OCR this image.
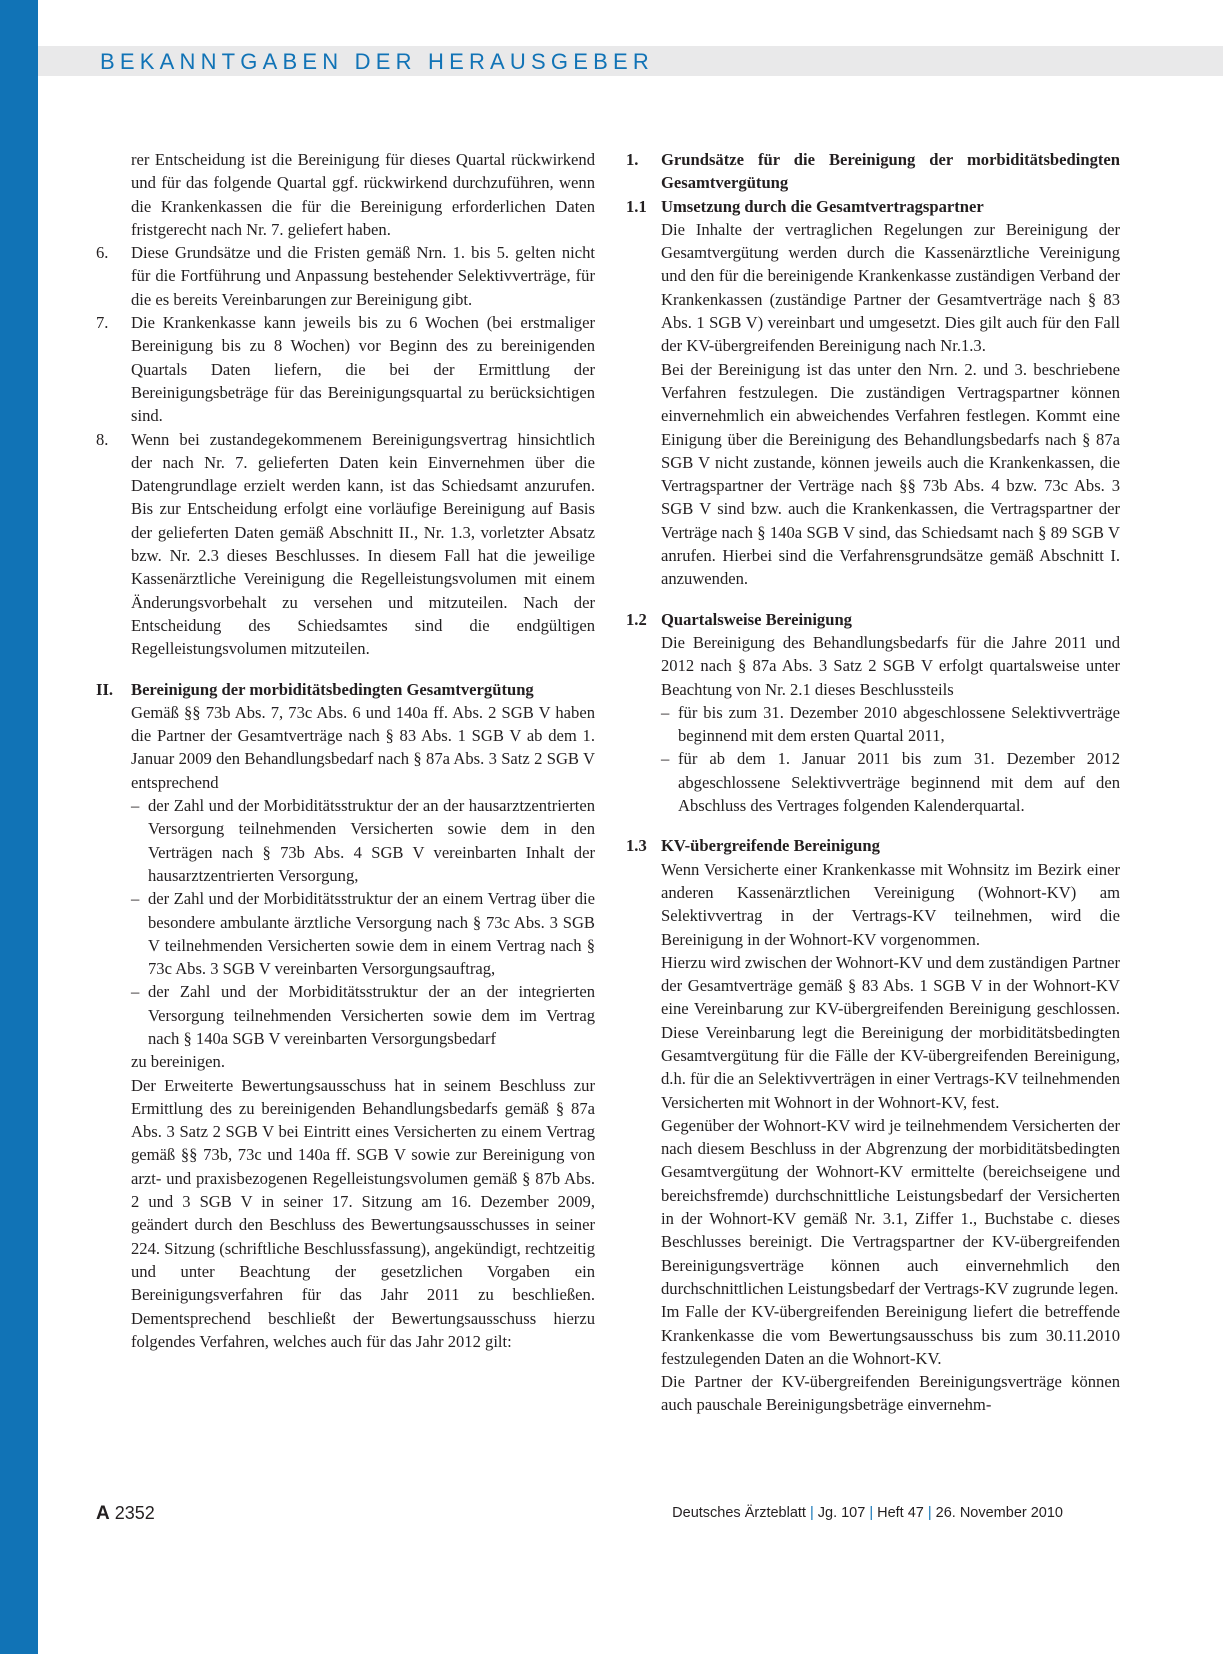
BEKANNTGABEN DER HERAUSGEBER

rer Entscheidung ist die Bereinigung für dieses Quartal rückwirkend und für das folgende Quartal ggf. rückwirkend durchzuführen, wenn die Krankenkassen die für die Bereinigung erforderlichen Daten fristgerecht nach Nr. 7. geliefert haben.

6. Diese Grundsätze und die Fristen gemäß Nrn. 1. bis 5. gelten nicht für die Fortführung und Anpassung bestehender Selektivverträge, für die es bereits Vereinbarungen zur Bereinigung gibt.

7. Die Krankenkasse kann jeweils bis zu 6 Wochen (bei erstmaliger Bereinigung bis zu 8 Wochen) vor Beginn des zu bereinigenden Quartals Daten liefern, die bei der Ermittlung der Bereinigungsbeträge für das Bereinigungsquartal zu berücksichtigen sind.

8. Wenn bei zustandegekommenem Bereinigungsvertrag hinsichtlich der nach Nr. 7. gelieferten Daten kein Einvernehmen über die Datengrundlage erzielt werden kann, ist das Schiedsamt anzurufen. Bis zur Entscheidung erfolgt eine vorläufige Bereinigung auf Basis der gelieferten Daten gemäß Abschnitt II., Nr. 1.3, vorletzter Absatz bzw. Nr. 2.3 dieses Beschlusses. In diesem Fall hat die jeweilige Kassenärztliche Vereinigung die Regelleistungsvolumen mit einem Änderungsvorbehalt zu versehen und mitzuteilen. Nach der Entscheidung des Schiedsamtes sind die endgültigen Regelleistungsvolumen mitzuteilen.

II. Bereinigung der morbiditätsbedingten Gesamtvergütung

Gemäß §§ 73b Abs. 7, 73c Abs. 6 und 140a ff. Abs. 2 SGB V haben die Partner der Gesamtverträge nach § 83 Abs. 1 SGB V ab dem 1. Januar 2009 den Behandlungsbedarf nach § 87a Abs. 3 Satz 2 SGB V entsprechend

– der Zahl und der Morbiditätsstruktur der an der hausarztzentrierten Versorgung teilnehmenden Versicherten sowie dem in den Verträgen nach § 73b Abs. 4 SGB V vereinbarten Inhalt der hausarztzentrierten Versorgung,

– der Zahl und der Morbiditätsstruktur der an einem Vertrag über die besondere ambulante ärztliche Versorgung nach § 73c Abs. 3 SGB V teilnehmenden Versicherten sowie dem in einem Vertrag nach § 73c Abs. 3 SGB V vereinbarten Versorgungsauftrag,

– der Zahl und der Morbiditätsstruktur der an der integrierten Versorgung teilnehmenden Versicherten sowie dem im Vertrag nach § 140a SGB V vereinbarten Versorgungsbedarf

zu bereinigen.

Der Erweiterte Bewertungsausschuss hat in seinem Beschluss zur Ermittlung des zu bereinigenden Behandlungsbedarfs gemäß § 87a Abs. 3 Satz 2 SGB V bei Eintritt eines Versicherten zu einem Vertrag gemäß §§ 73b, 73c und 140a ff. SGB V sowie zur Bereinigung von arzt- und praxisbezogenen Regelleistungsvolumen gemäß § 87b Abs. 2 und 3 SGB V in seiner 17. Sitzung am 16. Dezember 2009, geändert durch den Beschluss des Bewertungsausschusses in seiner 224. Sitzung (schriftliche Beschlussfassung), angekündigt, rechtzeitig und unter Beachtung der gesetzlichen Vorgaben ein Bereinigungsverfahren für das Jahr 2011 zu beschließen. Dementsprechend beschließt der Bewertungsausschuss hierzu folgendes Verfahren, welches auch für das Jahr 2012 gilt:

1. Grundsätze für die Bereinigung der morbiditätsbedingten Gesamtvergütung

1.1 Umsetzung durch die Gesamtvertragspartner

Die Inhalte der vertraglichen Regelungen zur Bereinigung der Gesamtvergütung werden durch die Kassenärztliche Vereinigung und den für die bereinigende Krankenkasse zuständigen Verband der Krankenkassen (zuständige Partner der Gesamtverträge nach § 83 Abs. 1 SGB V) vereinbart und umgesetzt. Dies gilt auch für den Fall der KV-übergreifenden Bereinigung nach Nr.1.3.

Bei der Bereinigung ist das unter den Nrn. 2. und 3. beschriebene Verfahren festzulegen. Die zuständigen Vertragspartner können einvernehmlich ein abweichendes Verfahren festlegen. Kommt eine Einigung über die Bereinigung des Behandlungsbedarfs nach § 87a SGB V nicht zustande, können jeweils auch die Krankenkassen, die Vertragspartner der Verträge nach §§ 73b Abs. 4 bzw. 73c Abs. 3 SGB V sind bzw. auch die Krankenkassen, die Vertragspartner der Verträge nach § 140a SGB V sind, das Schiedsamt nach § 89 SGB V anrufen. Hierbei sind die Verfahrensgrundsätze gemäß Abschnitt I. anzuwenden.

1.2 Quartalsweise Bereinigung

Die Bereinigung des Behandlungsbedarfs für die Jahre 2011 und 2012 nach § 87a Abs. 3 Satz 2 SGB V erfolgt quartalsweise unter Beachtung von Nr. 2.1 dieses Beschlussteils

– für bis zum 31. Dezember 2010 abgeschlossene Selektivverträge beginnend mit dem ersten Quartal 2011,

– für ab dem 1. Januar 2011 bis zum 31. Dezember 2012 abgeschlossene Selektivverträge beginnend mit dem auf den Abschluss des Vertrages folgenden Kalenderquartal.

1.3 KV-übergreifende Bereinigung

Wenn Versicherte einer Krankenkasse mit Wohnsitz im Bezirk einer anderen Kassenärztlichen Vereinigung (Wohnort-KV) am Selektivvertrag in der Vertrags-KV teilnehmen, wird die Bereinigung in der Wohnort-KV vorgenommen.

Hierzu wird zwischen der Wohnort-KV und dem zuständigen Partner der Gesamtverträge gemäß § 83 Abs. 1 SGB V in der Wohnort-KV eine Vereinbarung zur KV-übergreifenden Bereinigung geschlossen. Diese Vereinbarung legt die Bereinigung der morbiditätsbedingten Gesamtvergütung für die Fälle der KV-übergreifenden Bereinigung, d.h. für die an Selektivverträgen in einer Vertrags-KV teilnehmenden Versicherten mit Wohnort in der Wohnort-KV, fest.

Gegenüber der Wohnort-KV wird je teilnehmendem Versicherten der nach diesem Beschluss in der Abgrenzung der morbiditätsbedingten Gesamtvergütung der Wohnort-KV ermittelte (bereichseigene und bereichsfremde) durchschnittliche Leistungsbedarf der Versicherten in der Wohnort-KV gemäß Nr. 3.1, Ziffer 1., Buchstabe c. dieses Beschlusses bereinigt. Die Vertragspartner der KV-übergreifenden Bereinigungsverträge können auch einvernehmlich den durchschnittlichen Leistungsbedarf der Vertrags-KV zugrunde legen.

Im Falle der KV-übergreifenden Bereinigung liefert die betreffende Krankenkasse die vom Bewertungsausschuss bis zum 30.11.2010 festzulegenden Daten an die Wohnort-KV.

Die Partner der KV-übergreifenden Bereinigungsverträge können auch pauschale Bereinigungsbeträge einvernehm-

A 2352	Deutsches Ärzteblatt | Jg. 107 | Heft 47 | 26. November 2010
